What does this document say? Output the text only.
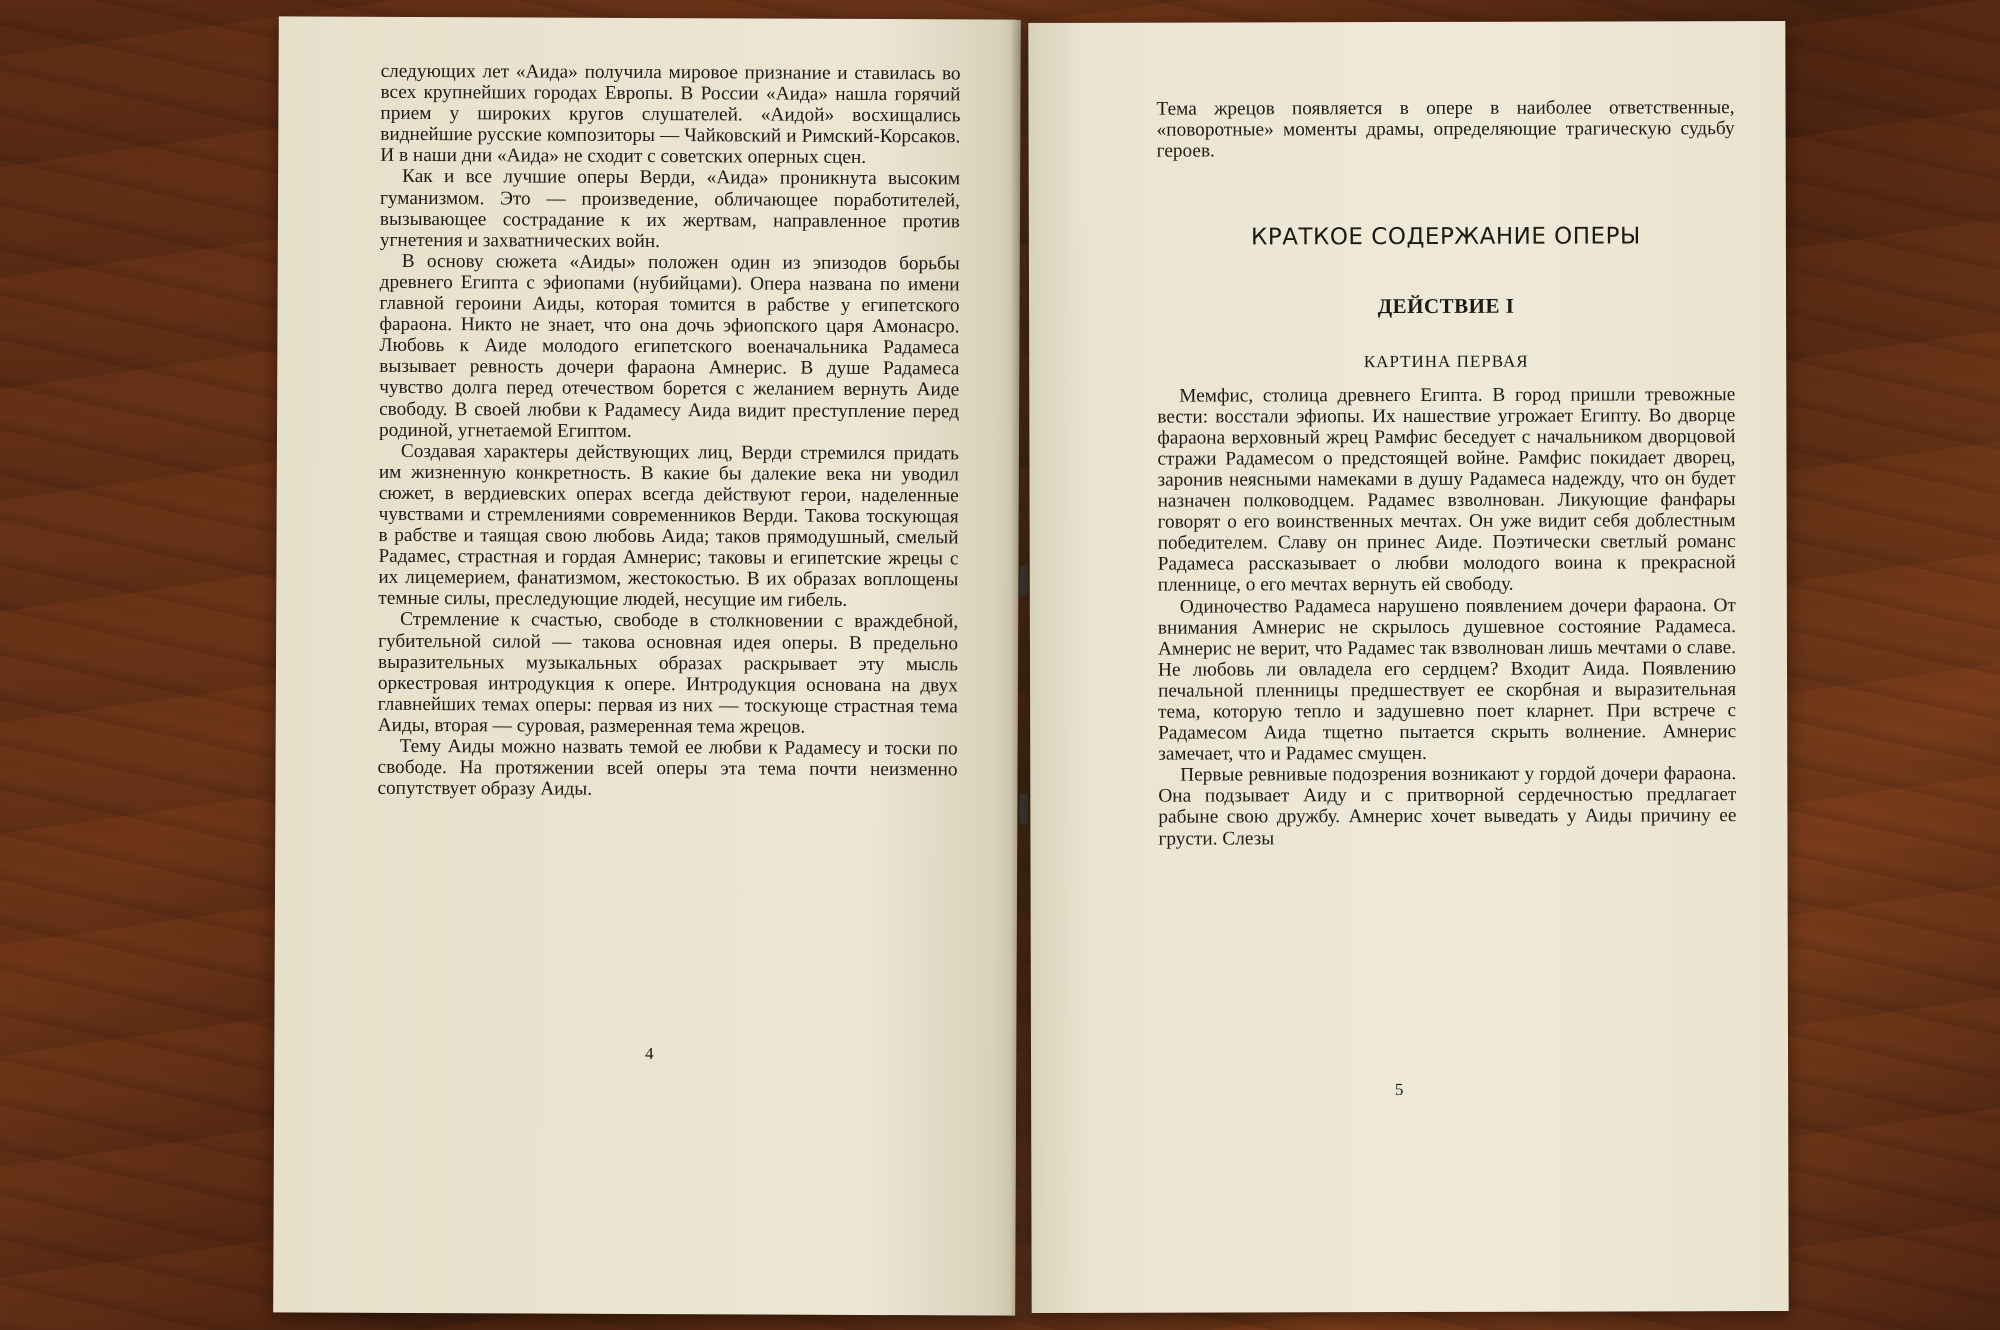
следующих лет «Аида» получила мировое признание и ставилась во всех крупнейших городах Европы. В России «Аида» нашла горячий прием у широких кругов слушателей. «Аидой» восхищались виднейшие русские композиторы — Чайковский и Римский-Корсаков. И в наши дни «Аида» не сходит с советских оперных сцен.

Как и все лучшие оперы Верди, «Аида» проникнута высоким гуманизмом. Это — произведение, обличающее поработителей, вызывающее сострадание к их жертвам, направленное против угнетения и захватнических войн.

В основу сюжета «Аиды» положен один из эпизодов борьбы древнего Египта с эфиопами (нубийцами). Опера названа по имени главной героини Аиды, которая томится в рабстве у египетского фараона. Никто не знает, что она дочь эфиопского царя Амонасро. Любовь к Аиде молодого египетского военачальника Радамеса вызывает ревность дочери фараона Амнерис. В душе Радамеса чувство долга перед отечеством борется с желанием вернуть Аиде свободу. В своей любви к Радамесу Аида видит преступление перед родиной, угнетаемой Египтом.

Создавая характеры действующих лиц, Верди стремился придать им жизненную конкретность. В какие бы далекие века ни уводил сюжет, в вердиевских операх всегда действуют герои, наделенные чувствами и стремлениями современников Верди. Такова тоскующая в рабстве и таящая свою любовь Аида; таков прямодушный, смелый Радамес, страстная и гордая Амнерис; таковы и египетские жрецы с их лицемерием, фанатизмом, жестокостью. В их образах воплощены темные силы, преследующие людей, несущие им гибель.

Стремление к счастью, свободе в столкновении с враждебной, губительной силой — такова основная идея оперы. В предельно выразительных музыкальных образах раскрывает эту мысль оркестровая интродукция к опере. Интродукция основана на двух главнейших темах оперы: первая из них — тоскующе страстная тема Аиды, вторая — суровая, размеренная тема жрецов.

Тему Аиды можно назвать темой ее любви к Радамесу и тоски по свободе. На протяжении всей оперы эта тема почти неизменно сопутствует образу Аиды.

4

Тема жрецов появляется в опере в наиболее ответственные, «поворотные» моменты драмы, определяющие трагическую судьбу героев.

КРАТКОЕ СОДЕРЖАНИЕ ОПЕРЫ
ДЕЙСТВИЕ I
КАРТИНА ПЕРВАЯ

Мемфис, столица древнего Египта. В город пришли тревожные вести: восстали эфиопы. Их нашествие угрожает Египту. Во дворце фараона верховный жрец Рамфис беседует с начальником дворцовой стражи Радамесом о предстоящей войне. Рамфис покидает дворец, заронив неясными намеками в душу Радамеса надежду, что он будет назначен полководцем. Радамес взволнован. Ликующие фанфары говорят о его воинственных мечтах. Он уже видит себя доблестным победителем. Славу он принес Аиде. Поэтически светлый романс Радамеса рассказывает о любви молодого воина к прекрасной пленнице, о его мечтах вернуть ей свободу.

Одиночество Радамеса нарушено появлением дочери фараона. От внимания Амнерис не скрылось душевное состояние Радамеса. Амнерис не верит, что Радамес так взволнован лишь мечтами о славе. Не любовь ли овладела его сердцем? Входит Аида. Появлению печальной пленницы предшествует ее скорбная и выразительная тема, которую тепло и задушевно поет кларнет. При встрече с Радамесом Аида тщетно пытается скрыть волнение. Амнерис замечает, что и Радамес смущен.

Первые ревнивые подозрения возникают у гордой дочери фараона. Она подзывает Аиду и с притворной сердечностью предлагает рабыне свою дружбу. Амнерис хочет выведать у Аиды причину ее грусти. Слезы

5
